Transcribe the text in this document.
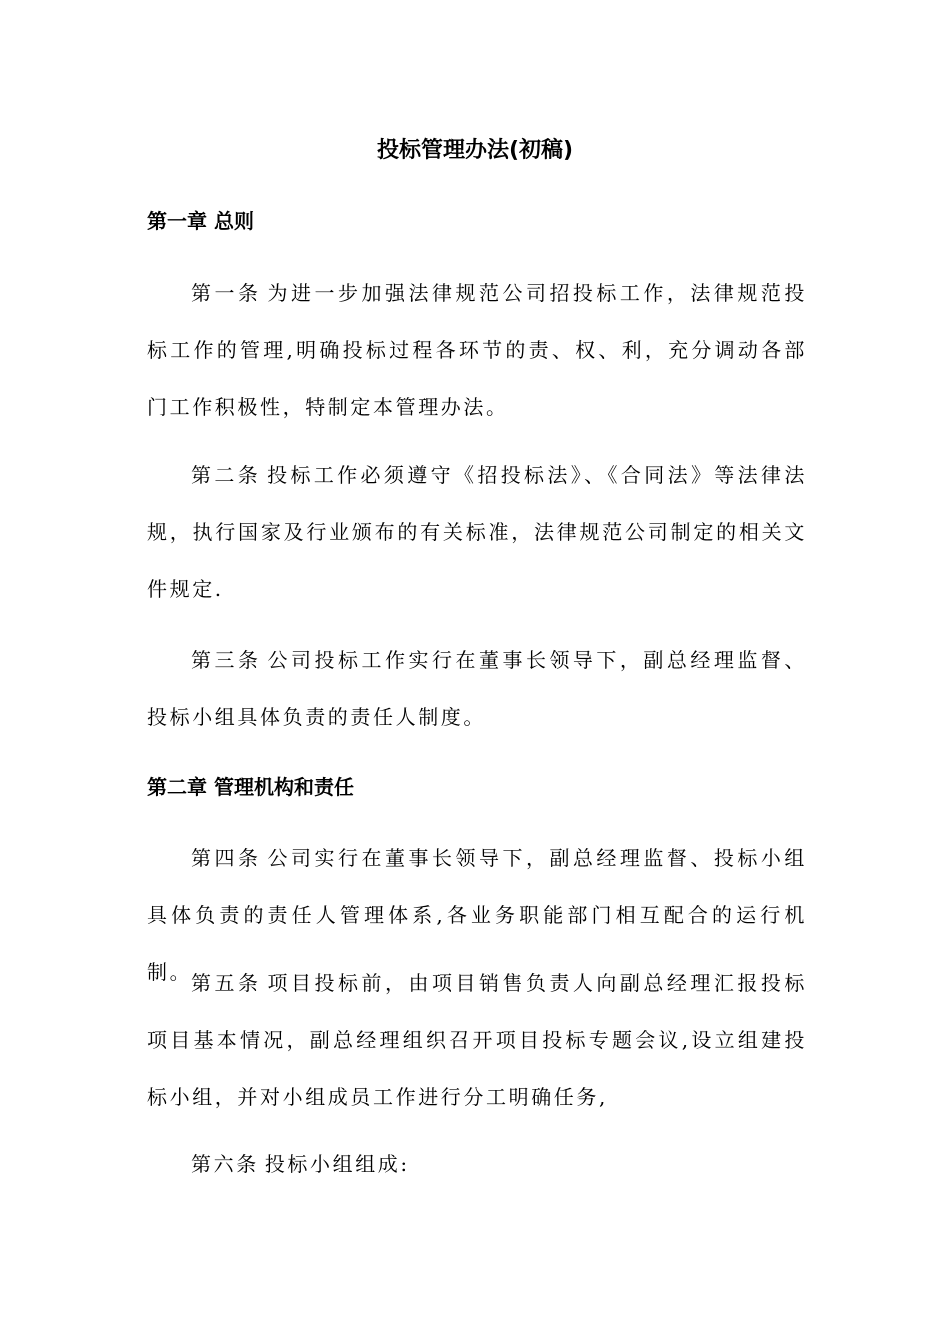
投标管理办法(初稿)
第一章 总则

第一条 为进一步加强法律规范公司招投标工作，法律规范投标工作的管理,明确投标过程各环节的责、权、利，充分调动各部门工作积极性，特制定本管理办法。

第二条 投标工作必须遵守《招投标法》、《合同法》等法律法规，执行国家及行业颁布的有关标准，法律规范公司制定的相关文件规定.

第三条 公司投标工作实行在董事长领导下，副总经理监督、投标小组具体负责的责任人制度。

第二章 管理机构和责任

第四条 公司实行在董事长领导下，副总经理监督、投标小组具体负责的责任人管理体系,各业务职能部门相互配合的运行机制。

第五条 项目投标前，由项目销售负责人向副总经理汇报投标项目基本情况，副总经理组织召开项目投标专题会议,设立组建投标小组，并对小组成员工作进行分工明确任务,

第六条 投标小组组成:
